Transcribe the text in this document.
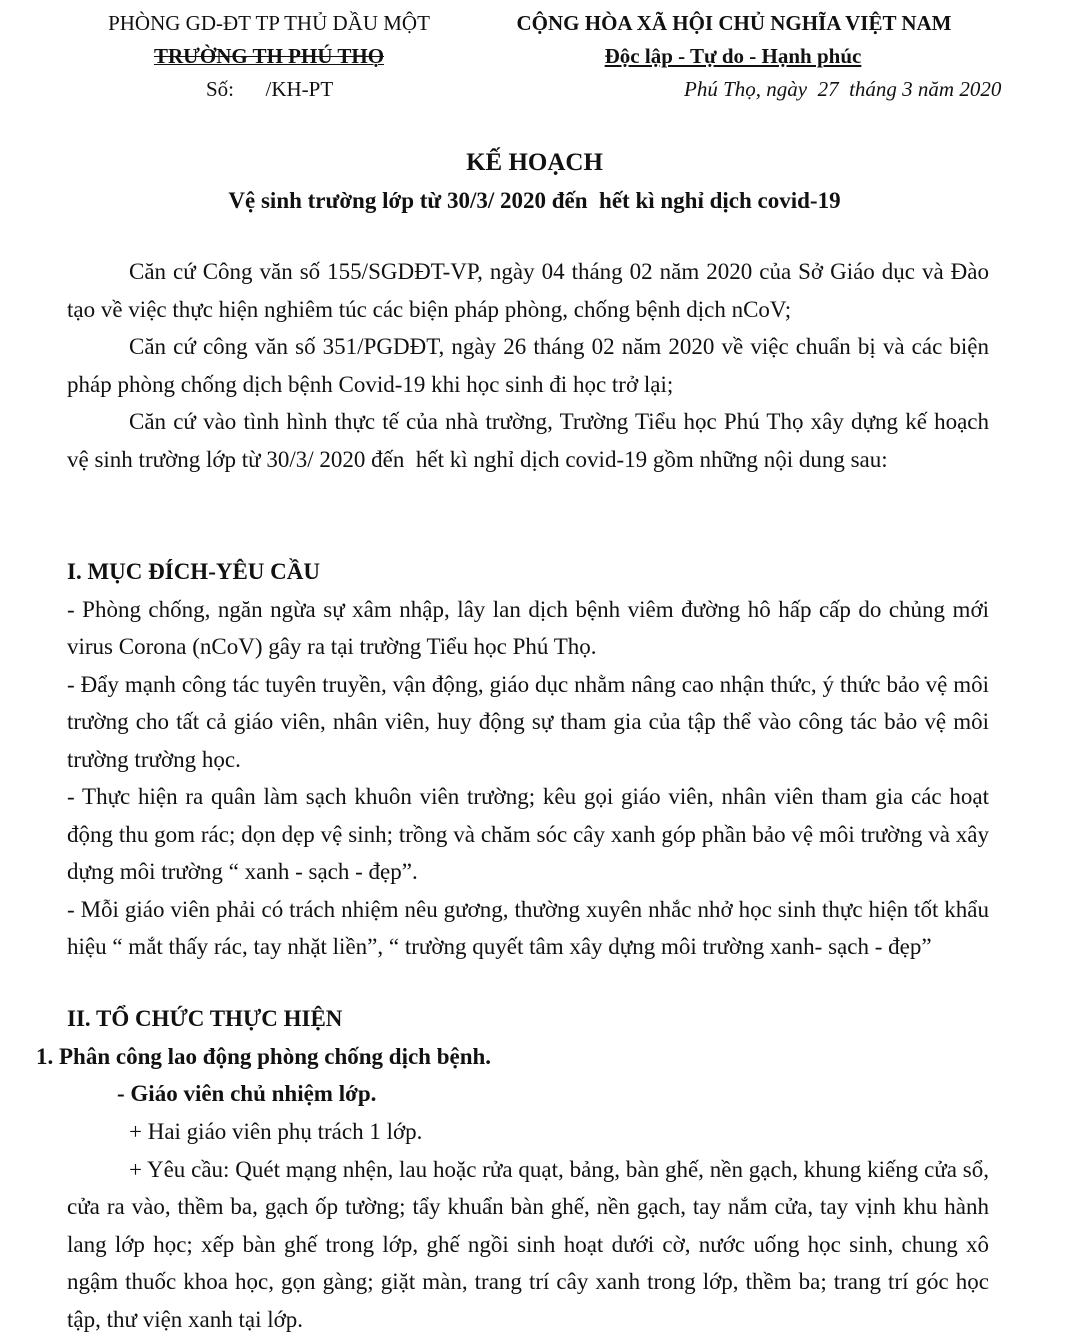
PHÒNG GD-ĐT TP THỦ DẦU MỘT
TRƯỜNG TH PHÚ THỌ
Số:      /KH-PT
CỘNG HÒA XÃ HỘI CHỦ NGHĨA VIỆT NAM
Độc lập - Tự do - Hạnh phúc
Phú Thọ, ngày  27  tháng 3 năm 2020
KẾ HOẠCH
Vệ sinh trường lớp từ 30/3/ 2020 đến  hết kì nghỉ dịch covid-19

Căn cứ Công văn số 155/SGDĐT-VP, ngày 04 tháng 02 năm 2020 của Sở Giáo dục và Đào tạo về việc thực hiện nghiêm túc các biện pháp phòng, chống bệnh dịch nCoV;

Căn cứ công văn số 351/PGDĐT, ngày 26 tháng 02 năm 2020 về việc chuẩn bị và các biện pháp phòng chống dịch bệnh Covid-19 khi học sinh đi học trở lại;

Căn cứ vào tình hình thực tế của nhà trường, Trường Tiểu học Phú Thọ xây dựng kế hoạch vệ sinh trường lớp từ 30/3/ 2020 đến  hết kì nghỉ dịch covid-19 gồm những nội dung sau:

I. MỤC ĐÍCH-YÊU CẦU

- Phòng chống, ngăn ngừa sự xâm nhập, lây lan dịch bệnh viêm đường hô hấp cấp do chủng mới virus Corona (nCoV) gây ra tại trường Tiểu học Phú Thọ.

- Đẩy mạnh công tác tuyên truyền, vận động, giáo dục nhằm nâng cao nhận thức, ý thức bảo vệ môi trường cho tất cả giáo viên, nhân viên, huy động sự tham gia của tập thể vào công tác bảo vệ môi trường trường học.

- Thực hiện ra quân làm sạch khuôn viên trường; kêu gọi giáo viên, nhân viên tham gia các hoạt động thu gom rác; dọn dẹp vệ sinh; trồng và chăm sóc cây xanh góp phần bảo vệ môi trường và xây dựng môi trường “ xanh - sạch - đẹp”.

- Mỗi giáo viên phải có trách nhiệm nêu gương, thường xuyên nhắc nhở học sinh thực hiện tốt khẩu hiệu “ mắt thấy rác, tay nhặt liền”, “ trường quyết tâm xây dựng môi trường xanh- sạch - đẹp”

II. TỔ CHỨC THỰC HIỆN

1. Phân công lao động phòng chống dịch bệnh.

- Giáo viên chủ nhiệm lớp.

+ Hai giáo viên phụ trách 1 lớp.

+ Yêu cầu: Quét mạng nhện, lau hoặc rửa quạt, bảng, bàn ghế, nền gạch, khung kiếng cửa sổ, cửa ra vào, thềm ba, gạch ốp tường; tẩy khuẩn bàn ghế, nền gạch, tay nắm cửa, tay vịnh khu hành lang lớp học; xếp bàn ghế trong lớp, ghế ngồi sinh hoạt dưới cờ, nước uống học sinh, chung xô ngậm thuốc khoa học, gọn gàng; giặt màn, trang trí cây xanh trong lớp, thềm ba; trang trí góc học tập, thư viện xanh tại lớp.
